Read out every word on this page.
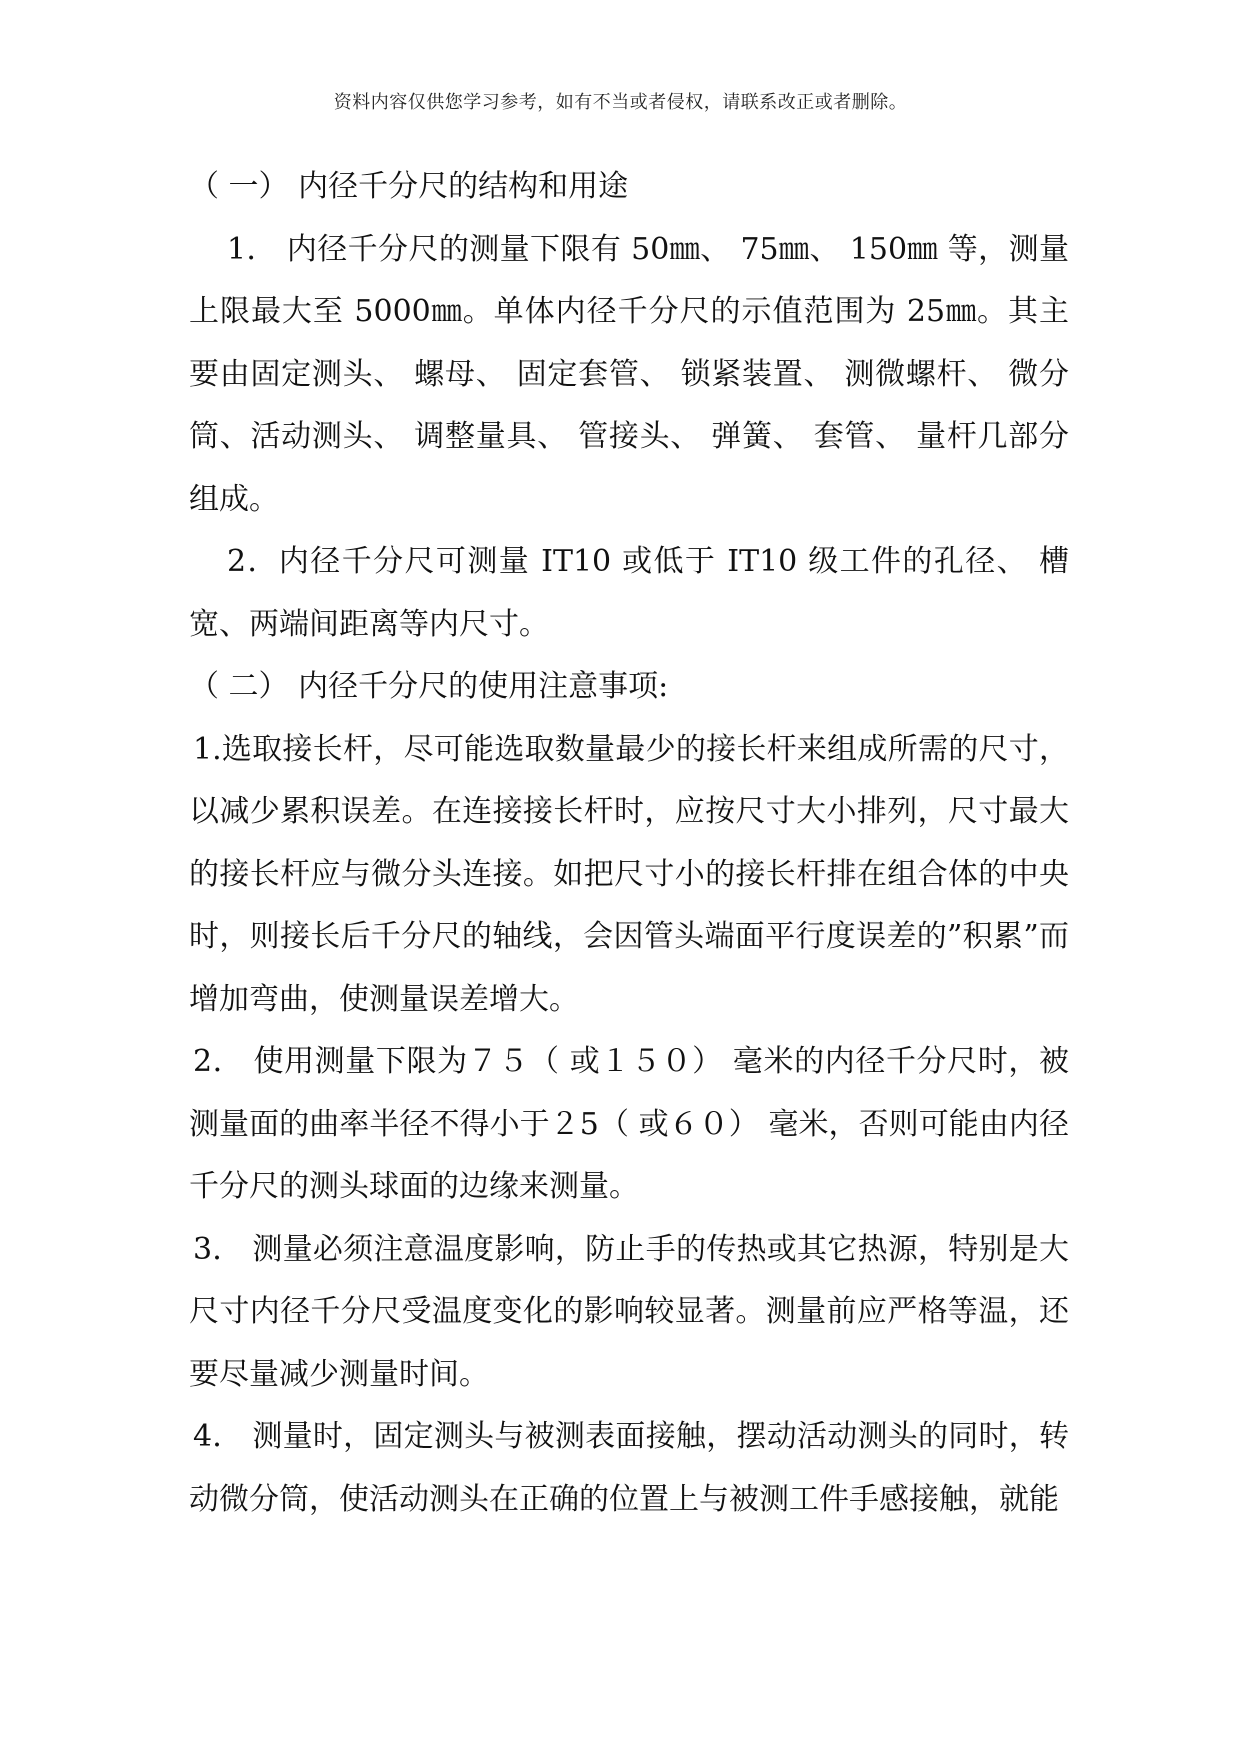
资料内容仅供您学习参考，如有不当或者侵权，请联系改正或者删除。

（ 一） 内径千分尺的结构和用途

1． 内径千分尺的测量下限有 50㎜、 75㎜、 150㎜ 等，测量上限最大至 5000㎜。单体内径千分尺的示值范围为 25㎜。其主要由固定测头、 螺母、 固定套管、 锁紧装置、 测微螺杆、 微分筒、活动测头、 调整量具、 管接头、 弹簧、 套管、 量杆几部分组成。

2．内径千分尺可测量 IT10 或低于 IT10 级工件的孔径、 槽宽、两端间距离等内尺寸。

（ 二） 内径千分尺的使用注意事项:

1.选取接长杆，尽可能选取数量最少的接长杆来组成所需的尺寸，以减少累积误差。在连接接长杆时，应按尺寸大小排列，尺寸最大的接长杆应与微分头连接。如把尺寸小的接长杆排在组合体的中央时，则接长后千分尺的轴线，会因管头端面平行度误差的”积累”而增加弯曲，使测量误差增大。

2． 使用测量下限为７５（ 或１５０） 毫米的内径千分尺时，被测量面的曲率半径不得小于２5（ 或６０） 毫米，否则可能由内径千分尺的测头球面的边缘来测量。

3． 测量必须注意温度影响，防止手的传热或其它热源，特别是大尺寸内径千分尺受温度变化的影响较显著。测量前应严格等温，还要尽量减少测量时间。

4． 测量时，固定测头与被测表面接触，摆动活动测头的同时，转动微分筒，使活动测头在正确的位置上与被测工件手感接触，就能
